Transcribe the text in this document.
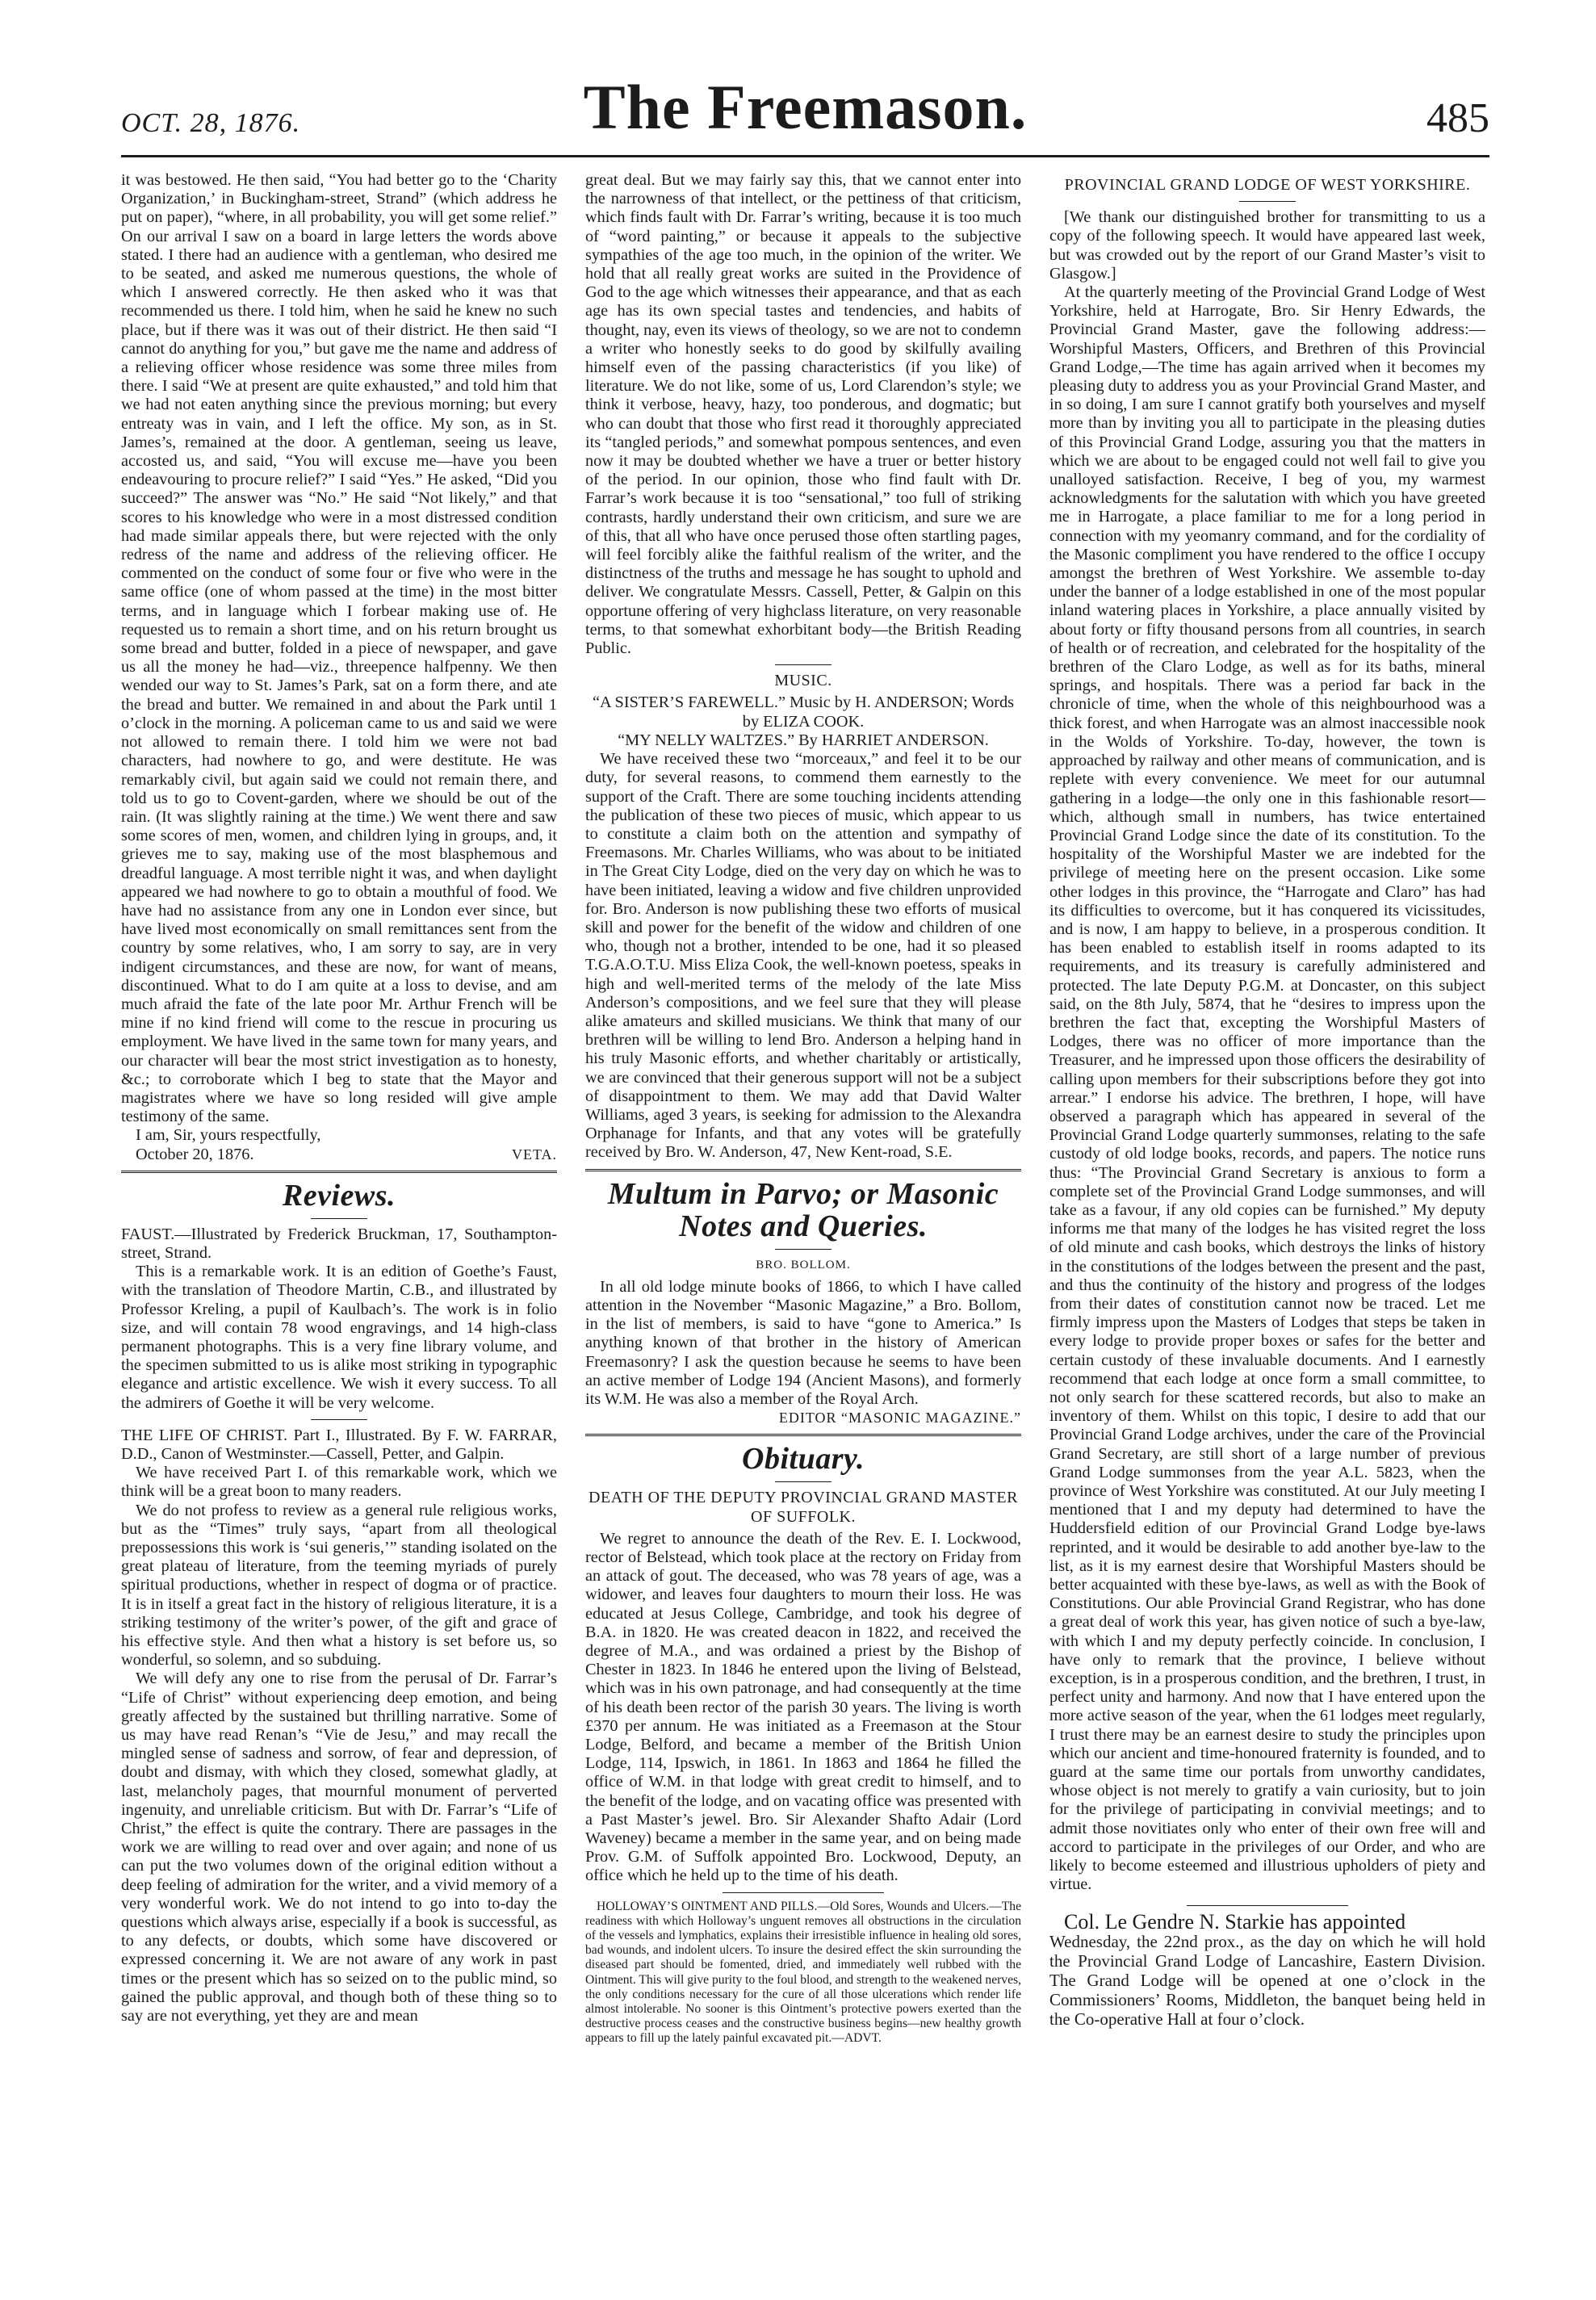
OCT. 28, 1876.	The Freemason.	485

it was bestowed. He then said, “You had better go to the ‘Charity Organization,’ in Buckingham-street, Strand” (which address he put on paper), “where, in all probability, you will get some relief.” On our arrival I saw on a board in large letters the words above stated. I there had an audience with a gentleman, who desired me to be seated, and asked me numerous questions, the whole of which I answered correctly. He then asked who it was that recommended us there. I told him, when he said he knew no such place, but if there was it was out of their district. He then said “I cannot do anything for you,” but gave me the name and address of a relieving officer whose residence was some three miles from there. I said “We at present are quite exhausted,” and told him that we had not eaten anything since the previous morning; but every entreaty was in vain, and I left the office. My son, as in St. James’s, remained at the door. A gentleman, seeing us leave, accosted us, and said, “You will excuse me—have you been endeavouring to procure relief?” I said “Yes.” He asked, “Did you succeed?” The answer was “No.” He said “Not likely,” and that scores to his knowledge who were in a most distressed condition had made similar appeals there, but were rejected with the only redress of the name and address of the relieving officer. He commented on the conduct of some four or five who were in the same office (one of whom passed at the time) in the most bitter terms, and in language which I forbear making use of. He requested us to remain a short time, and on his return brought us some bread and butter, folded in a piece of newspaper, and gave us all the money he had—viz., threepence halfpenny. We then wended our way to St. James’s Park, sat on a form there, and ate the bread and butter. We remained in and about the Park until 1 o’clock in the morning. A policeman came to us and said we were not allowed to remain there. I told him we were not bad characters, had nowhere to go, and were destitute. He was remarkably civil, but again said we could not remain there, and told us to go to Covent-garden, where we should be out of the rain. (It was slightly raining at the time.) We went there and saw some scores of men, women, and children lying in groups, and, it grieves me to say, making use of the most blasphemous and dreadful language. A most terrible night it was, and when daylight appeared we had nowhere to go to obtain a mouthful of food. We have had no assistance from any one in London ever since, but have lived most economically on small remittances sent from the country by some relatives, who, I am sorry to say, are in very indigent circumstances, and these are now, for want of means, discontinued. What to do I am quite at a loss to devise, and am much afraid the fate of the late poor Mr. Arthur French will be mine if no kind friend will come to the rescue in procuring us employment. We have lived in the same town for many years, and our character will bear the most strict investigation as to honesty, &c.; to corroborate which I beg to state that the Mayor and magistrates where we have so long resided will give ample testimony of the same.

I am, Sir, yours respectfully,

October 20, 1876.	VETA.
Reviews.

FAUST.—Illustrated by Frederick Bruckman, 17, Southampton-street, Strand.

This is a remarkable work. It is an edition of Goethe’s Faust, with the translation of Theodore Martin, C.B., and illustrated by Professor Kreling, a pupil of Kaulbach’s. The work is in folio size, and will contain 78 wood engravings, and 14 high-class permanent photographs. This is a very fine library volume, and the specimen submitted to us is alike most striking in typographic elegance and artistic excellence. We wish it every success. To all the admirers of Goethe it will be very welcome.

THE LIFE OF CHRIST. Part I., Illustrated. By F. W. FARRAR, D.D., Canon of Westminster.—Cassell, Petter, and Galpin.

We have received Part I. of this remarkable work, which we think will be a great boon to many readers.

We do not profess to review as a general rule religious works, but as the “Times” truly says, “apart from all theological prepossessions this work is ‘sui generis,’” standing isolated on the great plateau of literature, from the teeming myriads of purely spiritual productions, whether in respect of dogma or of practice. It is in itself a great fact in the history of religious literature, it is a striking testimony of the writer’s power, of the gift and grace of his effective style. And then what a history is set before us, so wonderful, so solemn, and so subduing.

We will defy any one to rise from the perusal of Dr. Farrar’s “Life of Christ” without experiencing deep emotion, and being greatly affected by the sustained but thrilling narrative. Some of us may have read Renan’s “Vie de Jesu,” and may recall the mingled sense of sadness and sorrow, of fear and depression, of doubt and dismay, with which they closed, somewhat gladly, at last, melancholy pages, that mournful monument of perverted ingenuity, and unreliable criticism. But with Dr. Farrar’s “Life of Christ,” the effect is quite the contrary. There are passages in the work we are willing to read over and over again; and none of us can put the two volumes down of the original edition without a deep feeling of admiration for the writer, and a vivid memory of a very wonderful work. We do not intend to go into to-day the questions which always arise, especially if a book is successful, as to any defects, or doubts, which some have discovered or expressed concerning it. We are not aware of any work in past times or the present which has so seized on to the public mind, so gained the public approval, and though both of these thing so to say are not everything, yet they are and mean

great deal. But we may fairly say this, that we cannot enter into the narrowness of that intellect, or the pettiness of that criticism, which finds fault with Dr. Farrar’s writing, because it is too much of “word painting,” or because it appeals to the subjective sympathies of the age too much, in the opinion of the writer. We hold that all really great works are suited in the Providence of God to the age which witnesses their appearance, and that as each age has its own special tastes and tendencies, and habits of thought, nay, even its views of theology, so we are not to condemn a writer who honestly seeks to do good by skilfully availing himself even of the passing characteristics (if you like) of literature. We do not like, some of us, Lord Clarendon’s style; we think it verbose, heavy, hazy, too ponderous, and dogmatic; but who can doubt that those who first read it thoroughly appreciated its “tangled periods,” and somewhat pompous sentences, and even now it may be doubted whether we have a truer or better history of the period. In our opinion, those who find fault with Dr. Farrar’s work because it is too “sensational,” too full of striking contrasts, hardly understand their own criticism, and sure we are of this, that all who have once perused those often startling pages, will feel forcibly alike the faithful realism of the writer, and the distinctness of the truths and message he has sought to uphold and deliver. We congratulate Messrs. Cassell, Petter, & Galpin on this opportune offering of very highclass literature, on very reasonable terms, to that somewhat exhorbitant body—the British Reading Public.

MUSIC.

“A SISTER’S FAREWELL.” Music by H. ANDERSON; Words by ELIZA COOK.

“MY NELLY WALTZES.” By HARRIET ANDERSON.

We have received these two “morceaux,” and feel it to be our duty, for several reasons, to commend them earnestly to the support of the Craft. There are some touching incidents attending the publication of these two pieces of music, which appear to us to constitute a claim both on the attention and sympathy of Freemasons. Mr. Charles Williams, who was about to be initiated in The Great City Lodge, died on the very day on which he was to have been initiated, leaving a widow and five children unprovided for. Bro. Anderson is now publishing these two efforts of musical skill and power for the benefit of the widow and children of one who, though not a brother, intended to be one, had it so pleased T.G.A.O.T.U. Miss Eliza Cook, the well-known poetess, speaks in high and well-merited terms of the melody of the late Miss Anderson’s compositions, and we feel sure that they will please alike amateurs and skilled musicians. We think that many of our brethren will be willing to lend Bro. Anderson a helping hand in his truly Masonic efforts, and whether charitably or artistically, we are convinced that their generous support will not be a subject of disappointment to them. We may add that David Walter Williams, aged 3 years, is seeking for admission to the Alexandra Orphanage for Infants, and that any votes will be gratefully received by Bro. W. Anderson, 47, New Kent-road, S.E.

Multum in Parvo; or Masonic Notes and Queries.
BRO. BOLLOM.

In all old lodge minute books of 1866, to which I have called attention in the November “Masonic Magazine,” a Bro. Bollom, in the list of members, is said to have “gone to America.” Is anything known of that brother in the history of American Freemasonry? I ask the question because he seems to have been an active member of Lodge 194 (Ancient Masons), and formerly its W.M. He was also a member of the Royal Arch.

EDITOR “MASONIC MAGAZINE.”
Obituary.
DEATH OF THE DEPUTY PROVINCIAL GRAND MASTER OF SUFFOLK.

We regret to announce the death of the Rev. E. I. Lockwood, rector of Belstead, which took place at the rectory on Friday from an attack of gout. The deceased, who was 78 years of age, was a widower, and leaves four daughters to mourn their loss. He was educated at Jesus College, Cambridge, and took his degree of B.A. in 1820. He was created deacon in 1822, and received the degree of M.A., and was ordained a priest by the Bishop of Chester in 1823. In 1846 he entered upon the living of Belstead, which was in his own patronage, and had consequently at the time of his death been rector of the parish 30 years. The living is worth £370 per annum. He was initiated as a Freemason at the Stour Lodge, Belford, and became a member of the British Union Lodge, 114, Ipswich, in 1861. In 1863 and 1864 he filled the office of W.M. in that lodge with great credit to himself, and to the benefit of the lodge, and on vacating office was presented with a Past Master’s jewel. Bro. Sir Alexander Shafto Adair (Lord Waveney) became a member in the same year, and on being made Prov. G.M. of Suffolk appointed Bro. Lockwood, Deputy, an office which he held up to the time of his death.

HOLLOWAY’S OINTMENT AND PILLS.—Old Sores, Wounds and Ulcers.—The readiness with which Holloway’s unguent removes all obstructions in the circulation of the vessels and lymphatics, explains their irresistible influence in healing old sores, bad wounds, and indolent ulcers. To insure the desired effect the skin surrounding the diseased part should be fomented, dried, and immediately well rubbed with the Ointment. This will give purity to the foul blood, and strength to the weakened nerves, the only conditions necessary for the cure of all those ulcerations which render life almost intolerable. No sooner is this Ointment’s protective powers exerted than the destructive process ceases and the constructive business begins—new healthy growth appears to fill up the lately painful excavated pit.—ADVT.

PROVINCIAL GRAND LODGE OF WEST YORKSHIRE.

[We thank our distinguished brother for transmitting to us a copy of the following speech. It would have appeared last week, but was crowded out by the report of our Grand Master’s visit to Glasgow.]

At the quarterly meeting of the Provincial Grand Lodge of West Yorkshire, held at Harrogate, Bro. Sir Henry Edwards, the Provincial Grand Master, gave the following address:—Worshipful Masters, Officers, and Brethren of this Provincial Grand Lodge,—The time has again arrived when it becomes my pleasing duty to address you as your Provincial Grand Master, and in so doing, I am sure I cannot gratify both yourselves and myself more than by inviting you all to participate in the pleasing duties of this Provincial Grand Lodge, assuring you that the matters in which we are about to be engaged could not well fail to give you unalloyed satisfaction. Receive, I beg of you, my warmest acknowledgments for the salutation with which you have greeted me in Harrogate, a place familiar to me for a long period in connection with my yeomanry command, and for the cordiality of the Masonic compliment you have rendered to the office I occupy amongst the brethren of West Yorkshire. We assemble to-day under the banner of a lodge established in one of the most popular inland watering places in Yorkshire, a place annually visited by about forty or fifty thousand persons from all countries, in search of health or of recreation, and celebrated for the hospitality of the brethren of the Claro Lodge, as well as for its baths, mineral springs, and hospitals. There was a period far back in the chronicle of time, when the whole of this neighbourhood was a thick forest, and when Harrogate was an almost inaccessible nook in the Wolds of Yorkshire. To-day, however, the town is approached by railway and other means of communication, and is replete with every convenience. We meet for our autumnal gathering in a lodge—the only one in this fashionable resort—which, although small in numbers, has twice entertained Provincial Grand Lodge since the date of its constitution. To the hospitality of the Worshipful Master we are indebted for the privilege of meeting here on the present occasion. Like some other lodges in this province, the “Harrogate and Claro” has had its difficulties to overcome, but it has conquered its vicissitudes, and is now, I am happy to believe, in a prosperous condition. It has been enabled to establish itself in rooms adapted to its requirements, and its treasury is carefully administered and protected. The late Deputy P.G.M. at Doncaster, on this subject said, on the 8th July, 5874, that he “desires to impress upon the brethren the fact that, excepting the Worshipful Masters of Lodges, there was no officer of more importance than the Treasurer, and he impressed upon those officers the desirability of calling upon members for their subscriptions before they got into arrear.” I endorse his advice. The brethren, I hope, will have observed a paragraph which has appeared in several of the Provincial Grand Lodge quarterly summonses, relating to the safe custody of old lodge books, records, and papers. The notice runs thus: “The Provincial Grand Secretary is anxious to form a complete set of the Provincial Grand Lodge summonses, and will take as a favour, if any old copies can be furnished.” My deputy informs me that many of the lodges he has visited regret the loss of old minute and cash books, which destroys the links of history in the constitutions of the lodges between the present and the past, and thus the continuity of the history and progress of the lodges from their dates of constitution cannot now be traced. Let me firmly impress upon the Masters of Lodges that steps be taken in every lodge to provide proper boxes or safes for the better and certain custody of these invaluable documents. And I earnestly recommend that each lodge at once form a small committee, to not only search for these scattered records, but also to make an inventory of them. Whilst on this topic, I desire to add that our Provincial Grand Lodge archives, under the care of the Provincial Grand Secretary, are still short of a large number of previous Grand Lodge summonses from the year A.L. 5823, when the province of West Yorkshire was constituted. At our July meeting I mentioned that I and my deputy had determined to have the Huddersfield edition of our Provincial Grand Lodge bye-laws reprinted, and it would be desirable to add another bye-law to the list, as it is my earnest desire that Worshipful Masters should be better acquainted with these bye-laws, as well as with the Book of Constitutions. Our able Provincial Grand Registrar, who has done a great deal of work this year, has given notice of such a bye-law, with which I and my deputy perfectly coincide. In conclusion, I have only to remark that the province, I believe without exception, is in a prosperous condition, and the brethren, I trust, in perfect unity and harmony. And now that I have entered upon the more active season of the year, when the 61 lodges meet regularly, I trust there may be an earnest desire to study the principles upon which our ancient and time-honoured fraternity is founded, and to guard at the same time our portals from unworthy candidates, whose object is not merely to gratify a vain curiosity, but to join for the privilege of participating in convivial meetings; and to admit those novitiates only who enter of their own free will and accord to participate in the privileges of our Order, and who are likely to become esteemed and illustrious upholders of piety and virtue.

Col. Le Gendre N. Starkie has appointed

Wednesday, the 22nd prox., as the day on which he will hold the Provincial Grand Lodge of Lancashire, Eastern Division. The Grand Lodge will be opened at one o’clock in the Commissioners’ Rooms, Middleton, the banquet being held in the Co-operative Hall at four o’clock.
